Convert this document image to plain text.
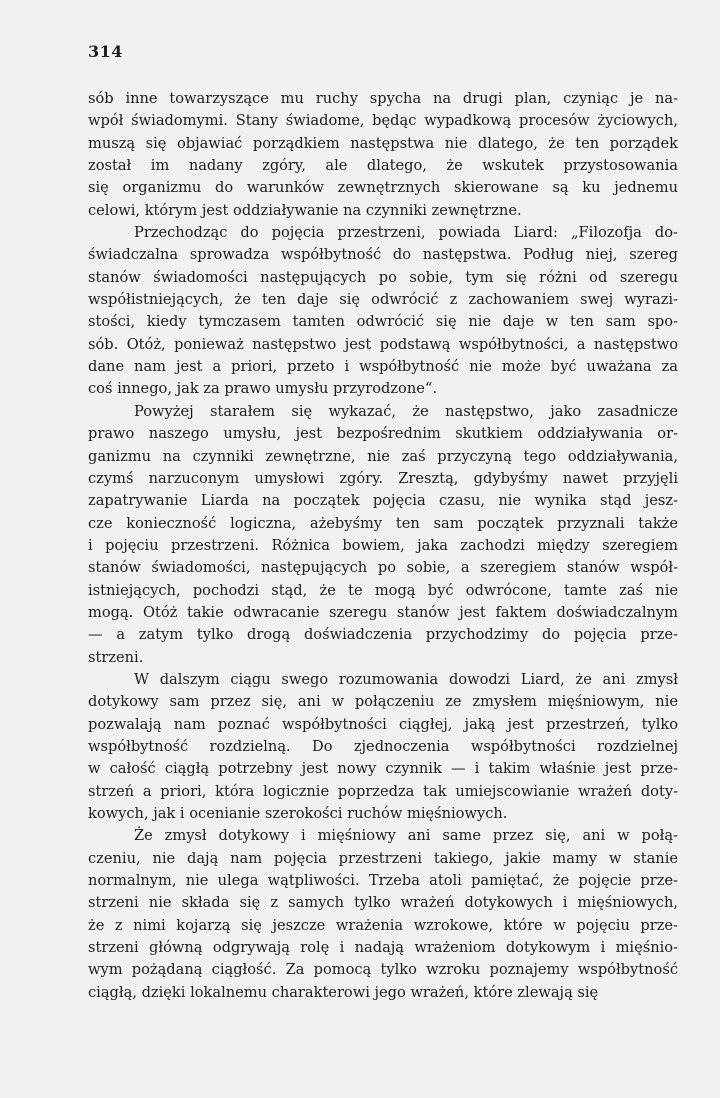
314
sób inne towarzyszące mu ruchy spycha na drugi plan, czyniąc je na-
wpół świadomymi. Stany świadome, będąc wypadkową procesów życiowych,
muszą się objawiać porządkiem następstwa nie dlatego, że ten porządek
został im nadany zgóry, ale dlatego, że wskutek przystosowania
się organizmu do warunków zewnętrznych skierowane są ku jednemu
celowi, którym jest oddziaływanie na czynniki zewnętrzne.
Przechodząc do pojęcia przestrzeni, powiada Liard: „Filozofja do-
świadczalna sprowadza współbytność do następstwa. Podług niej, szereg
stanów świadomości następujących po sobie, tym się różni od szeregu
współistniejących, że ten daje się odwrócić z zachowaniem swej wyrazi-
stości, kiedy tymczasem tamten odwrócić się nie daje w ten sam spo-
sób. Otóż, ponieważ następstwo jest podstawą współbytności, a następstwo
dane nam jest a priori, przeto i współbytność nie może być uważana za
coś innego, jak za prawo umysłu przyrodzone“.
Powyżej starałem się wykazać, że następstwo, jako zasadnicze
prawo naszego umysłu, jest bezpośrednim skutkiem oddziaływania or-
ganizmu na czynniki zewnętrzne, nie zaś przyczyną tego oddziaływania,
czymś narzuconym umysłowi zgóry. Zresztą, gdybyśmy nawet przyjęli
zapatrywanie Liarda na początek pojęcia czasu, nie wynika stąd jesz-
cze konieczność logiczna, ażebyśmy ten sam początek przyznali także
i pojęciu przestrzeni. Różnica bowiem, jaka zachodzi między szeregiem
stanów świadomości, następujących po sobie, a szeregiem stanów współ-
istniejących, pochodzi stąd, że te mogą być odwrócone, tamte zaś nie
mogą. Otóż takie odwracanie szeregu stanów jest faktem doświadczalnym
— a zatym tylko drogą doświadczenia przychodzimy do pojęcia prze-
strzeni.
W dalszym ciągu swego rozumowania dowodzi Liard, że ani zmysł
dotykowy sam przez się, ani w połączeniu ze zmysłem mięśniowym, nie
pozwalają nam poznać współbytności ciągłej, jaką jest przestrzeń, tylko
współbytność rozdzielną. Do zjednoczenia współbytności rozdzielnej
w całość ciągłą potrzebny jest nowy czynnik — i takim właśnie jest prze-
strzeń a priori, która logicznie poprzedza tak umiejscowianie wrażeń doty-
kowych, jak i ocenianie szerokości ruchów mięśniowych.
Że zmysł dotykowy i mięśniowy ani same przez się, ani w połą-
czeniu, nie dają nam pojęcia przestrzeni takiego, jakie mamy w stanie
normalnym, nie ulega wątpliwości. Trzeba atoli pamiętać, że pojęcie prze-
strzeni nie składa się z samych tylko wrażeń dotykowych i mięśniowych,
że z nimi kojarzą się jeszcze wrażenia wzrokowe, które w pojęciu prze-
strzeni główną odgrywają rolę i nadają wrażeniom dotykowym i mięśnio-
wym pożądaną ciągłość. Za pomocą tylko wzroku poznajemy współbytność
ciągłą, dzięki lokalnemu charakterowi jego wrażeń, które zlewają się
